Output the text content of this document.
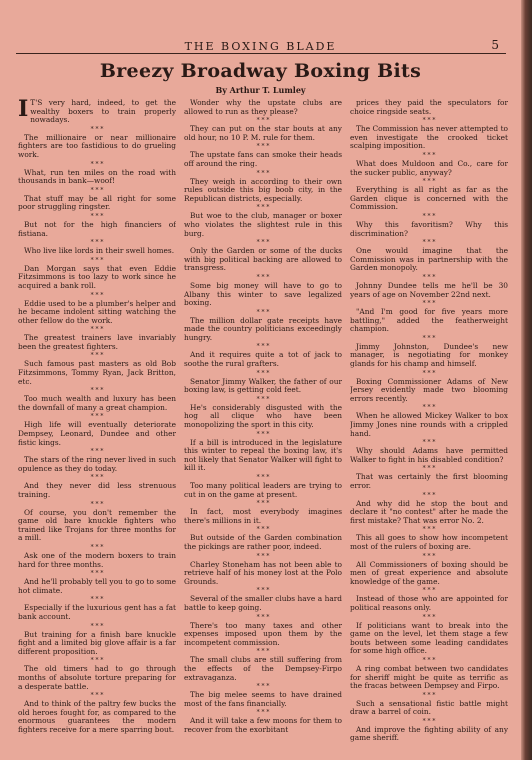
THE BOXING BLADE	5
Breezy Broadway Boxing Bits
By Arthur T. Lumley

I T'S very hard, indeed, to get the wealthy boxers to train properly nowadays.

* * *

The millionaire or near millionaire fighters are too fastidious to do grueling work.

* * *

What, run ten miles on the road with thousands in bank—woof!

* * *

That stuff may be all right for some poor struggling ringster.

* * *

But not for the high financiers of fistiana.

* * *

Who live like lords in their swell homes.

* * *

Dan Morgan says that even Eddie Fitzsimmons is too lazy to work since he acquired a bank roll.

* * *

Eddie used to be a plumber's helper and he became indolent sitting watching the other fellow do the work.

* * *

The greatest trainers lave invariably been the greatest fighters.

* * *

Such famous past masters as old Bob Fitzsimmons, Tommy Ryan, Jack Britton, etc.

* * *

Too much wealth and luxury has been the downfall of many a great champion.

* * *

High life will eventually deteriorate Dempsey, Leonard, Dundee and other fistic kings.

* * *

The stars of the ring never lived in such opulence as they do today.

* * *

And they never did less strenuous training.

* * *

Of course, you don't remember the game old bare knuckle fighters who trained like Trojans for three months for a mill.

* * *

Ask one of the modern boxers to train hard for three months.

* * *

And he'll probably tell you to go to some hot climate.

* * *

Especially if the luxurious gent has a fat bank account.

* * *

But training for a finish bare knuckle fight and a limited big glove affair is a far different proposition.

* * *

The old timers had to go through months of absolute torture preparing for a desperate battle.

* * *

And to think of the paltry few bucks the old heroes fought for, as compared to the enormous guarantees the modern fighters receive for a mere sparring bout.

Wonder why the upstate clubs are allowed to run as they please?

* * *

They can put on the star bouts at any old hour, no 10 P. M. rule for them.

* * *

The upstate fans can smoke their heads off around the ring.

* * *

They weigh in according to their own rules outside this big boob city, in the Republican districts, especially.

* * *

But woe to the club, manager or boxer who violates the slightest rule in this burg.

* * *

Only the Garden or some of the ducks with big political backing are allowed to transgress.

* * *

Some big money will have to go to Albany this winter to save legalized boxing.

* * *

The million dollar gate receipts have made the country politicians exceedingly hungry.

* * *

And it requires quite a tot of jack to soothe the rural grafters.

* * *

Senator Jimmy Walker, the father of our boxing law, is getting cold feet.

* * *

He's considerably disgusted with the hog all clique who have been monopolizing the sport in this city.

* * *

If a bill is introduced in the legislature this winter to repeal the boxing law, it's not likely that Senator Walker will fight to kill it.

* * *

Too many political leaders are trying to cut in on the game at present.

* * *

In fact, most everybody imagines there's millions in it.

* * *

But outside of the Garden combination the pickings are rather poor, indeed.

* * *

Charley Stoneham has not been able to retrieve half of his money lost at the Polo Grounds.

* * *

Several of the smaller clubs have a hard battle to keep going.

* * *

There's too many taxes and other expenses imposed upon them by the incompetent commission.

* * *

The small clubs are still suffering from the effects of the Dempsey-Firpo extravaganza.

* * *

The big melee seems to have drained most of the fans financially.

* * *

And it will take a few moons for them to recover from the exorbitant

prices they paid the speculators for choice ringside seats.

* * *

The Commission has never attempted to even investigate the crooked ticket scalping imposition.

* * *

What does Muldoon and Co., care for the sucker public, anyway?

* * *

Everything is all right as far as the Garden clique is concerned with the Commission.

* * *

Why this favoritism? Why this discrimination?

* * *

One would imagine that the Commission was in partnership with the Garden monopoly.

* * *

Johnny Dundee tells me he'll be 30 years of age on November 22nd next.

* * *

"And I'm good for five years more battling," added the featherweight champion.

* * *

Jimmy Johnston, Dundee's new manager, is negotiating for monkey glands for his champ and himself.

* * *

Boxing Commissioner Adams of New Jersey evidently made two blooming errors recently.

* * *

When he allowed Mickey Walker to box Jimmy Jones nine rounds with a crippled hand.

* * *

Why should Adams have permitted Walker to fight in his disabled condition?

* * *

That was certainly the first blooming error.

* * *

And why did he stop the bout and declare it "no contest" after he made the first mistake? That was error No. 2.

* * *

This all goes to show how incompetent most of the rulers of boxing are.

* * *

All Commissioners of boxing should be men of great experience and absolute knowledge of the game.

* * *

Instead of those who are appointed for political reasons only.

* * *

If politicians want to break into the game on the level, let them stage a few bouts between some leading candidates for some high office.

* * *

A ring combat between two candidates for sheriff might be quite as terrific as the fracas between Dempsey and Firpo.

* * *

Such a sensational fistic battle might draw a barrel of coin.

* * *

And improve the fighting ability of any game sheriff.
